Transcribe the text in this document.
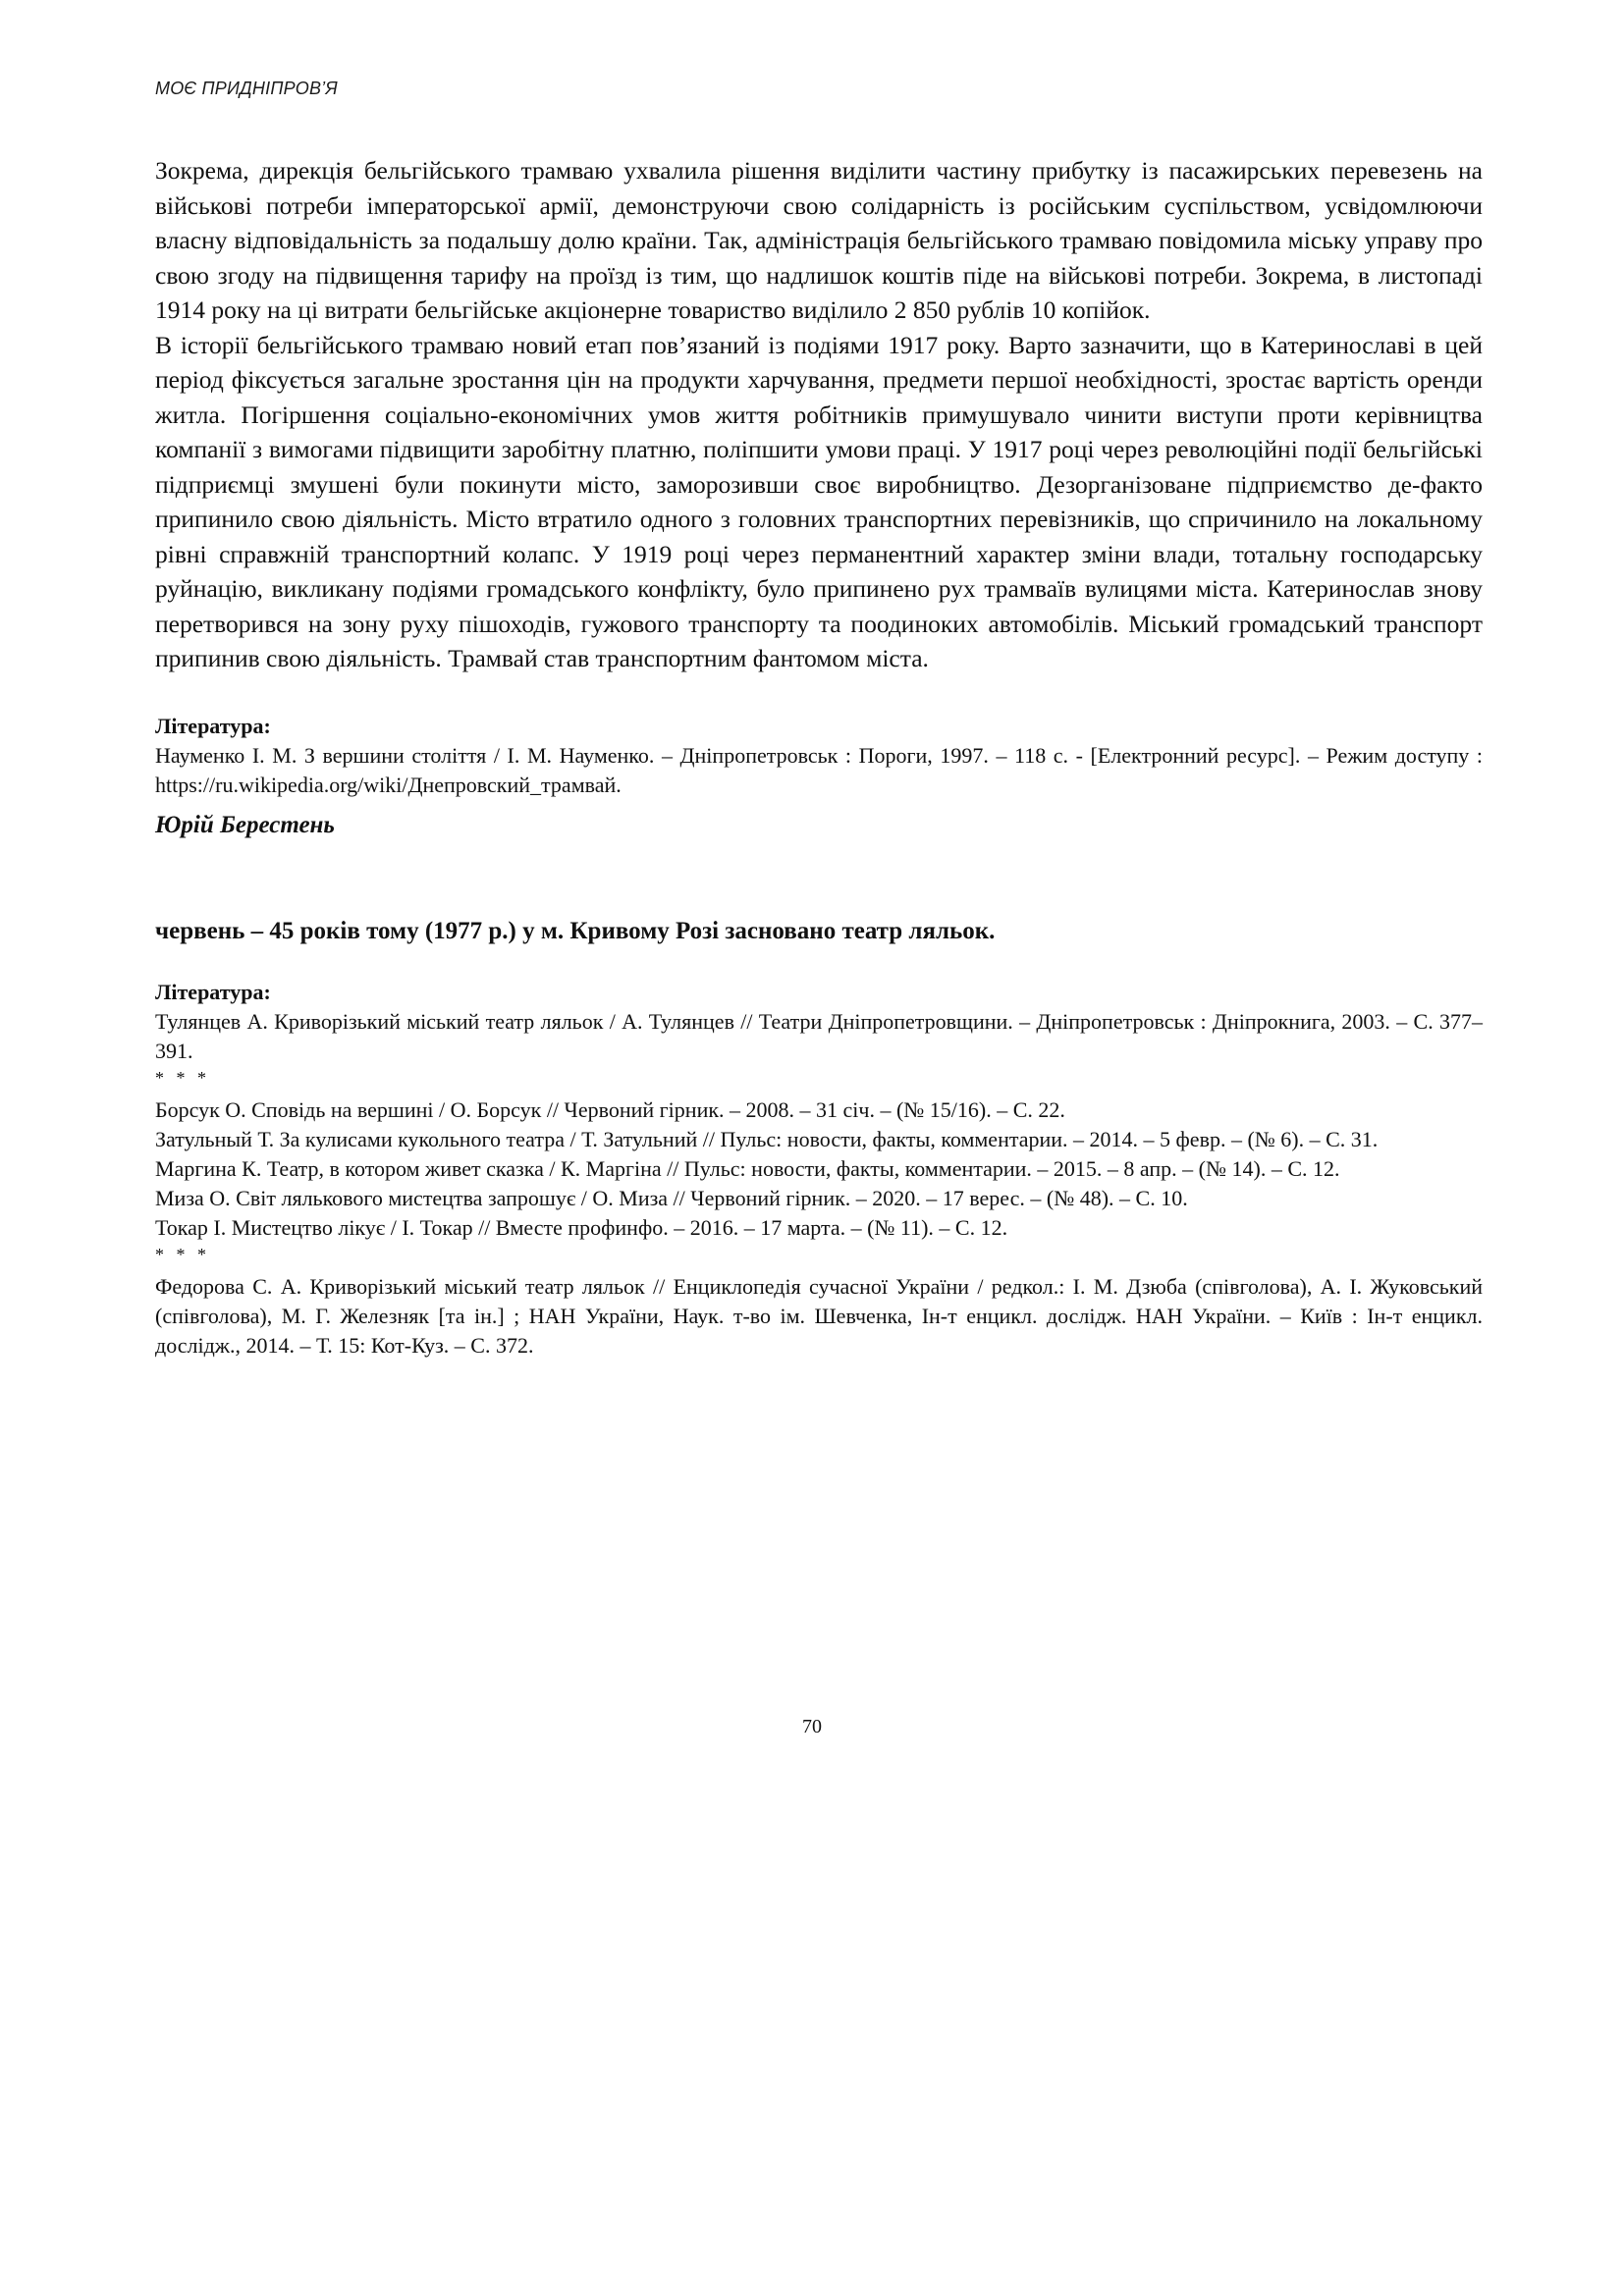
МОЄ ПРИДНІПРОВ’Я

Зокрема, дирекція бельгійського трамваю ухвалила рішення виділити частину прибутку із пасажирських перевезень на військові потреби імператорської армії, демонструючи свою солідарність із російським суспільством, усвідомлюючи власну відповідальність за подальшу долю країни. Так, адміністрація бельгійського трамваю повідомила міську управу про свою згоду на підвищення тарифу на проїзд із тим, що надлишок коштів піде на військові потреби. Зокрема, в листопаді 1914 року на ці витрати бельгійське акціонерне товариство виділило 2 850 рублів 10 копійок.

В історії бельгійського трамваю новий етап пов’язаний із подіями 1917 року. Варто зазначити, що в Катеринославі в цей період фіксується загальне зростання цін на продукти харчування, предмети першої необхідності, зростає вартість оренди житла. Погіршення соціально-економічних умов життя робітників примушувало чинити виступи проти керівництва компанії з вимогами підвищити заробітну платню, поліпшити умови праці. У 1917 році через революційні події бельгійські підприємці змушені були покинути місто, заморозивши своє виробництво. Дезорганізоване підприємство де-факто припинило свою діяльність. Місто втратило одного з головних транспортних перевізників, що спричинило на локальному рівні справжній транспортний колапс. У 1919 році через перманентний характер зміни влади, тотальну господарську руйнацію, викликану подіями громадського конфлікту, було припинено рух трамваїв вулицями міста. Катеринослав знову перетворився на зону руху пішоходів, гужового транспорту та поодиноких автомобілів. Міський громадський транспорт припинив свою діяльність. Трамвай став транспортним фантомом міста.

Література:

Науменко І. М. З вершини століття / І. М. Науменко. – Дніпропетровськ : Пороги, 1997. – 118 с. - [Електронний ресурс]. – Режим доступу : https://ru.wikipedia.org/wiki/Днепровский_трамвай.

Юрій Берестень

червень – 45 років тому (1977 р.) у м. Кривому Розі засновано театр ляльок.

Література:

Тулянцев А. Криворізький міський театр ляльок / А. Тулянцев // Театри Дніпропетровщини. – Дніпропетровськ : Дніпрокнига, 2003. – С. 377–391.

* * *

Борсук О. Сповідь на вершині / О. Борсук // Червоний гірник. – 2008. – 31 січ. – (№ 15/16). – С. 22.

Затульный Т. За кулисами кукольного театра / Т. Затульний // Пульс: новости, факты, комментарии. – 2014. – 5 февр. – (№ 6). – С. 31.

Маргина К. Театр, в котором живет сказка / К. Маргіна // Пульс: новости, факты, комментарии. – 2015. – 8 апр. – (№ 14). – С. 12.

Миза О. Світ лялькового мистецтва запрошує / О. Миза // Червоний гірник. – 2020. – 17 верес. – (№ 48). – С. 10.

Токар І. Мистецтво лікує / І. Токар // Вместе профинфо. – 2016. – 17 марта. – (№ 11). – С. 12.

* * *

Федорова С. А. Криворізький міський театр ляльок // Енциклопедія сучасної України / редкол.: І. М. Дзюба (співголова), А. І. Жуковський (співголова), М. Г. Железняк [та ін.] ; НАН України, Наук. т-во ім. Шевченка, Ін-т енцикл. дослідж. НАН України. – Київ : Ін-т енцикл. дослідж., 2014. – Т. 15: Кот-Куз. – С. 372.

70
